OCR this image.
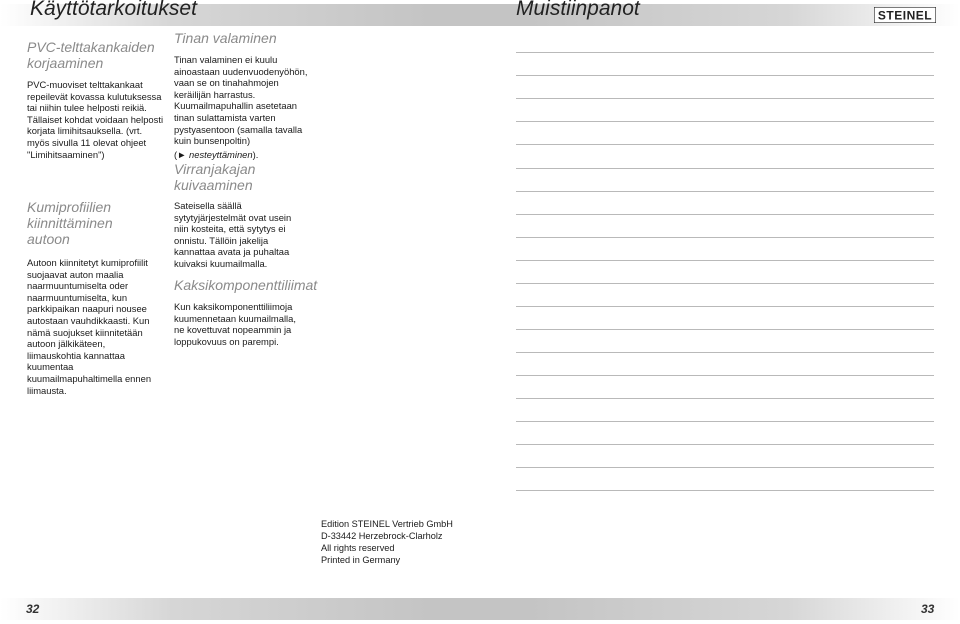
Käyttötarkoitukset	Muistiinpanot	STEINEL

PVC-telttakankaiden korjaaminen

PVC-muoviset telttakankaat repeilevät kovassa kulutuksessa tai niihin tulee helposti reikiä. Tällaiset kohdat voidaan helposti korjata limihitsauksella. (vrt. myös sivulla 11 olevat ohjeet "Limihitsaaminen")

Kumiprofiilien kiinnittäminen autoon

Autoon kiinnitetyt kumiprofiilit suojaavat auton maalia naarmuuntumiselta oder naarmuuntumiselta, kun parkkipaikan naapuri nousee autostaan vauhdikkaasti. Kun nämä suojukset kiinnitetään autoon jälkikäteen, liimauskohtia kannattaa kuumentaa kuumailmapuhaltimella ennen liimausta.

Tinan valaminen

Tinan valaminen ei kuulu ainoastaan uudenvuodenyöhön, vaan se on tinahahmojen keräilijän harrastus. Kuumailmapuhallin asetetaan tinan sulattamista varten pystyasentoon (samalla tavalla kuin bunsenpoltin)

(► nesteyttäminen).

Virranjakajan kuivaaminen

Sateisella säällä sytytyjärjestelmät ovat usein niin kosteita, että sytytys ei onnistu. Tällöin jakelija kannattaa avata ja puhaltaa kuivaksi kuumailmalla.

Kaksikomponenttiliimat

Kun kaksikomponenttiliimoja kuumennetaan kuumailmalla, ne kovettuvat nopeammin ja loppukovuus on parempi.

Edition STEINEL Vertrieb GmbH

D-33442 Herzebrock-Clarholz

All rights reserved

Printed in Germany

32	33
